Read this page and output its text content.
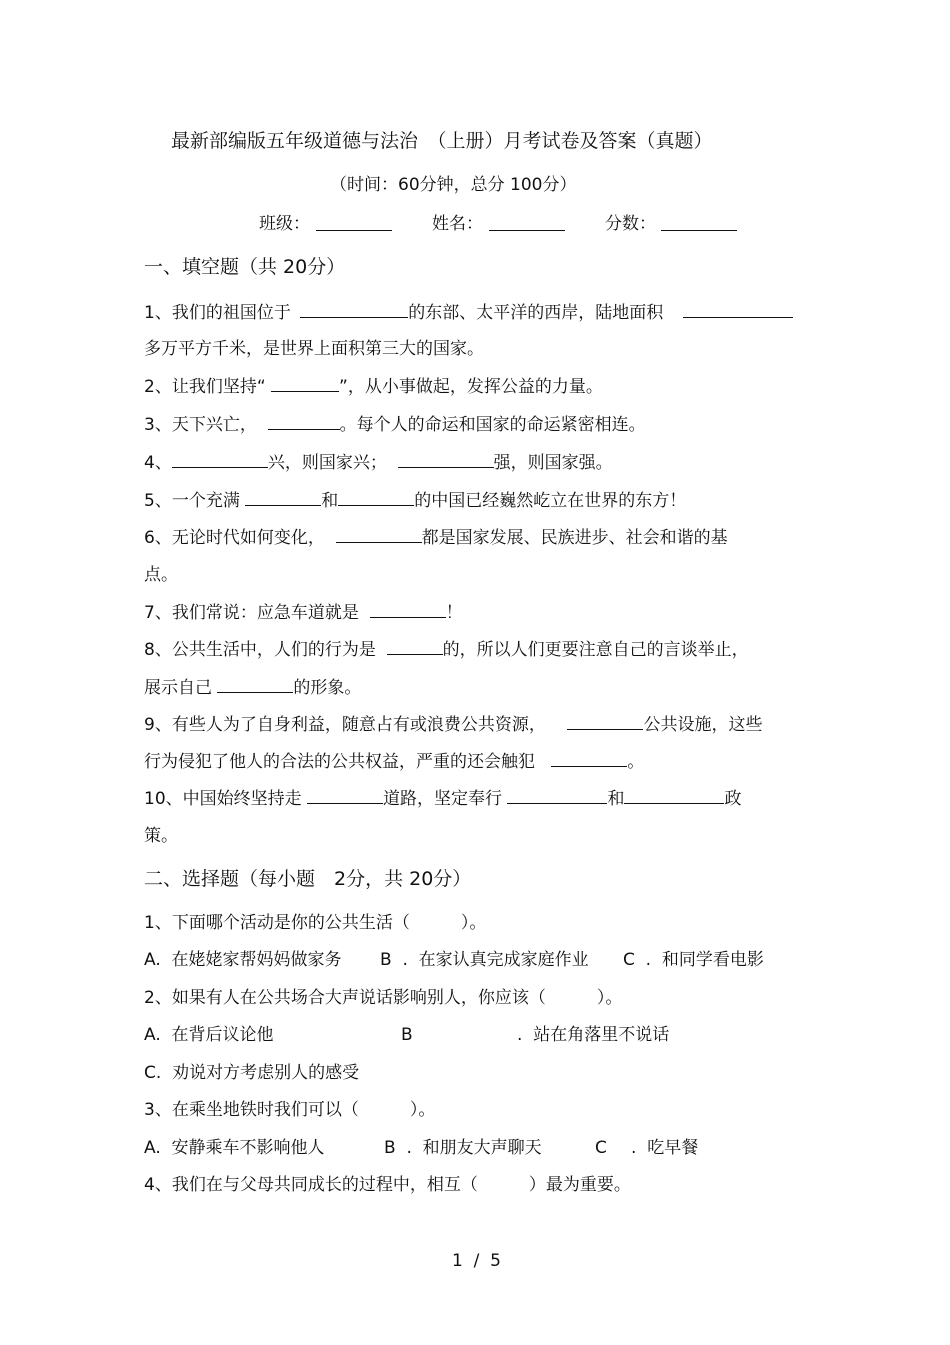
最新部编版五年级道德与法治　（上册）月考试卷及答案（真题）
（时间：60分钟，总分 100分）
班级：	姓名：	分数：
一、填空题（共 20分）
1、我们的祖国位于	的东部、太平洋的西岸，陆地面积
多万平方千米，是世界上面积第三大的国家。
2、让我们坚持“	”，从小事做起，发挥公益的力量。
3、天下兴亡，	。每个人的命运和国家的命运紧密相连。
4、	兴，则国家兴；	强，则国家强。
5、一个充满	和	的中国已经巍然屹立在世界的东方！
6、无论时代如何变化，	都是国家发展、民族进步、社会和谐的基
点。
7、我们常说：应急车道就是	！
8、公共生活中，人们的行为是	的，所以人们更要注意自己的言谈举止，
展示自己	的形象。
9、有些人为了自身利益，随意占有或浪费公共资源，	公共设施，这些
行为侵犯了他人的合法的公共权益，严重的还会触犯	。
10、中国始终坚持走	道路，坚定奉行	和	政
策。
二、选择题（每小题　2分，共 20分）
1、下面哪个活动是你的公共生活（　　　）。
A.  在姥姥家帮妈妈做家务 B  .  在家认真完成家庭作业 C  .  和同学看电影
2、如果有人在公共场合大声说话影响别人，你应该（　　　）。
A.  在背后议论他	B	.  站在角落里不说话
C.  劝说对方考虑别人的感受
3、在乘坐地铁时我们可以（　　　）。
A.  安静乘车不影响他人	B  .  和朋友大声聊天	C .  吃早餐
4、我们在与父母共同成长的过程中，相互（　　　）最为重要。
1  /  5
